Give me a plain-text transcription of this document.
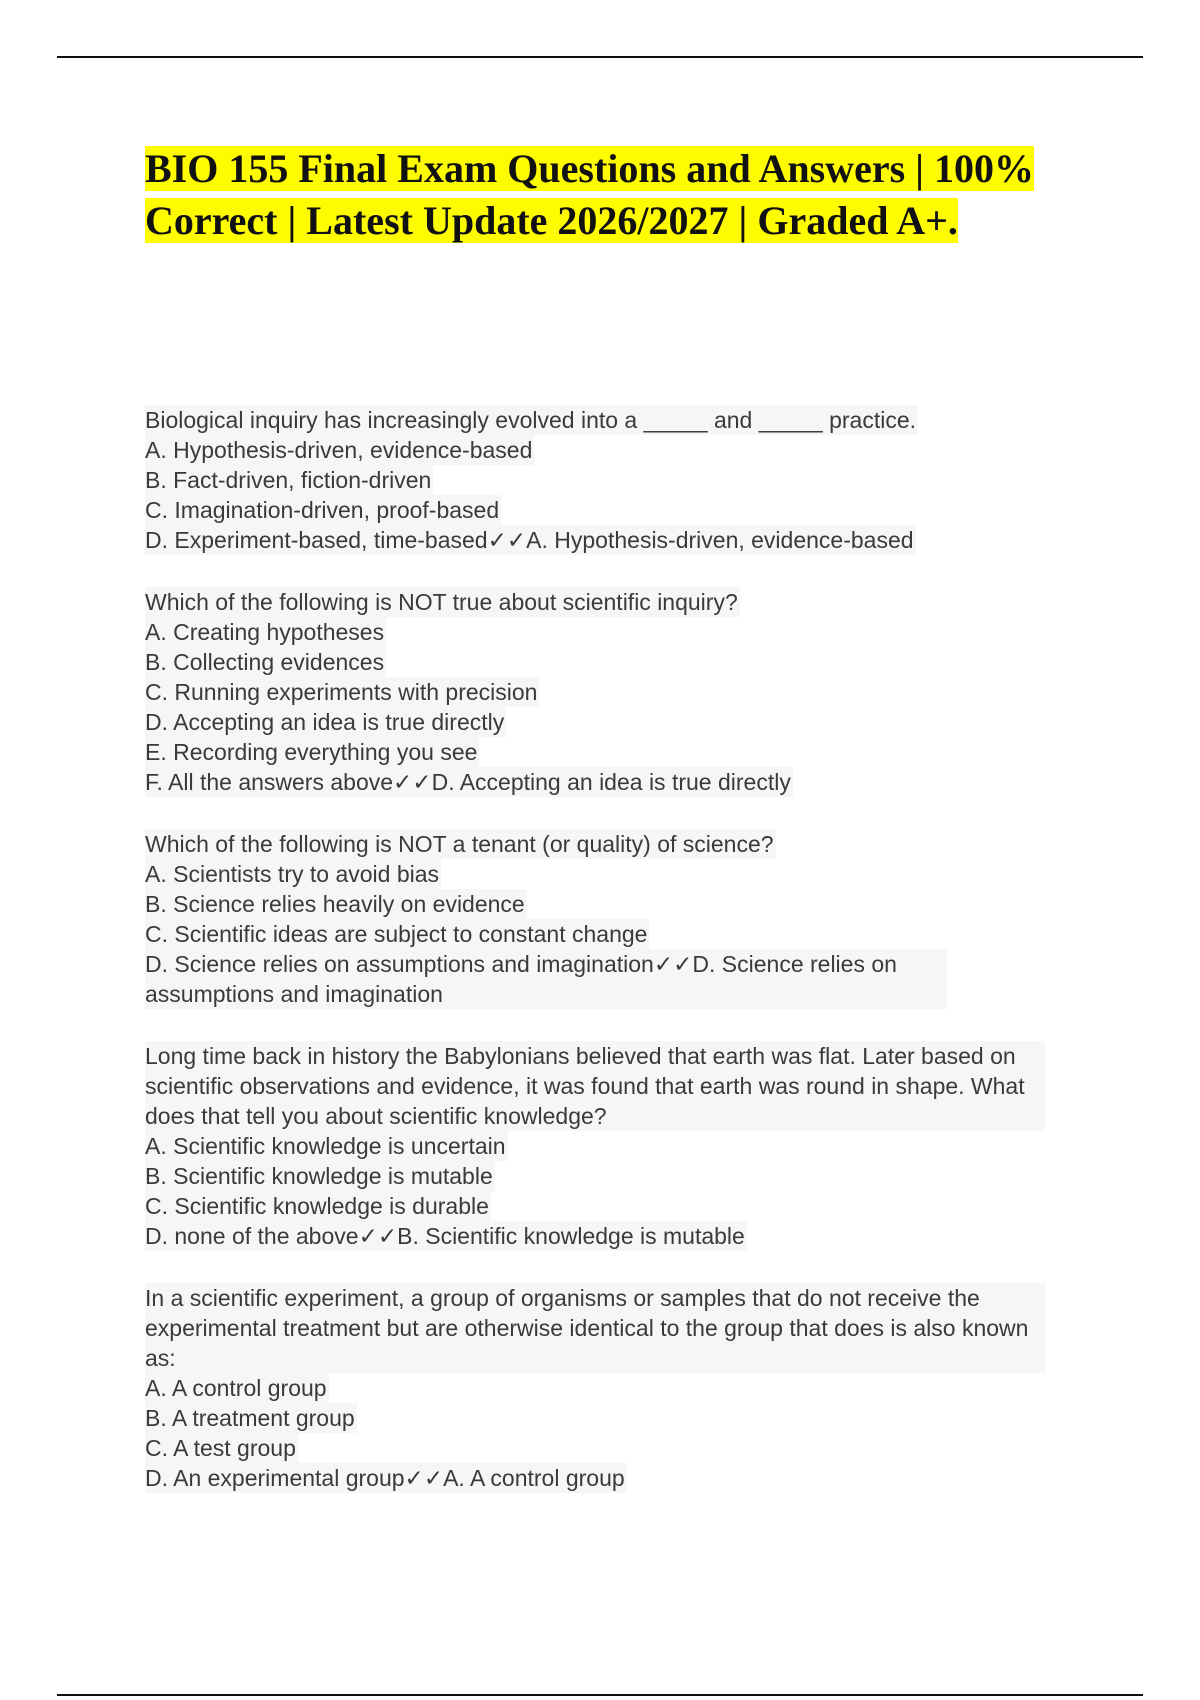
BIO 155 Final Exam Questions and Answers | 100% Correct | Latest Update 2026/2027 | Graded A+.
Biological inquiry has increasingly evolved into a _____ and _____ practice.
A. Hypothesis-driven, evidence-based
B. Fact-driven, fiction-driven
C. Imagination-driven, proof-based
D. Experiment-based, time-based✓✓A. Hypothesis-driven, evidence-based
Which of the following is NOT true about scientific inquiry?
A. Creating hypotheses
B. Collecting evidences
C. Running experiments with precision
D. Accepting an idea is true directly
E. Recording everything you see
F. All the answers above✓✓D. Accepting an idea is true directly
Which of the following is NOT a tenant (or quality) of science?
A. Scientists try to avoid bias
B. Science relies heavily on evidence
C. Scientific ideas are subject to constant change
D. Science relies on assumptions and imagination✓✓D. Science relies on assumptions and imagination
Long time back in history the Babylonians believed that earth was flat. Later based on scientific observations and evidence, it was found that earth was round in shape. What does that tell you about scientific knowledge?
A. Scientific knowledge is uncertain
B. Scientific knowledge is mutable
C. Scientific knowledge is durable
D. none of the above✓✓B. Scientific knowledge is mutable
In a scientific experiment, a group of organisms or samples that do not receive the experimental treatment but are otherwise identical to the group that does is also known as:
A. A control group
B. A treatment group
C. A test group
D. An experimental group✓✓A. A control group
